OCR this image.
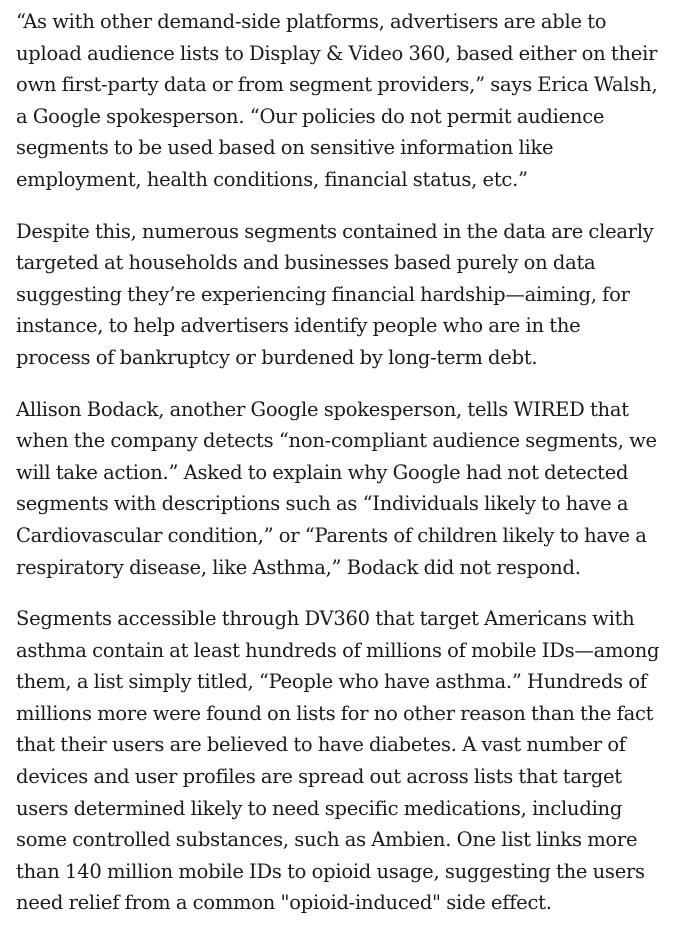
“As with other demand-side platforms, advertisers are able to upload audience lists to Display & Video 360, based either on their own first-party data or from segment providers,” says Erica Walsh, a Google spokesperson. “Our policies do not permit audience segments to be used based on sensitive information like employment, health conditions, financial status, etc.”

Despite this, numerous segments contained in the data are clearly targeted at households and businesses based purely on data suggesting they’re experiencing financial hardship—aiming, for instance, to help advertisers identify people who are in the process of bankruptcy or burdened by long-term debt.

Allison Bodack, another Google spokesperson, tells WIRED that when the company detects “non-compliant audience segments, we will take action.” Asked to explain why Google had not detected segments with descriptions such as “Individuals likely to have a Cardiovascular condition,” or “Parents of children likely to have a respiratory disease, like Asthma,” Bodack did not respond.

Segments accessible through DV360 that target Americans with asthma contain at least hundreds of millions of mobile IDs—among them, a list simply titled, “People who have asthma.” Hundreds of millions more were found on lists for no other reason than the fact that their users are believed to have diabetes. A vast number of devices and user profiles are spread out across lists that target users determined likely to need specific medications, including some controlled substances, such as Ambien. One list links more than 140 million mobile IDs to opioid usage, suggesting the users need relief from a common "opioid-induced" side effect.
